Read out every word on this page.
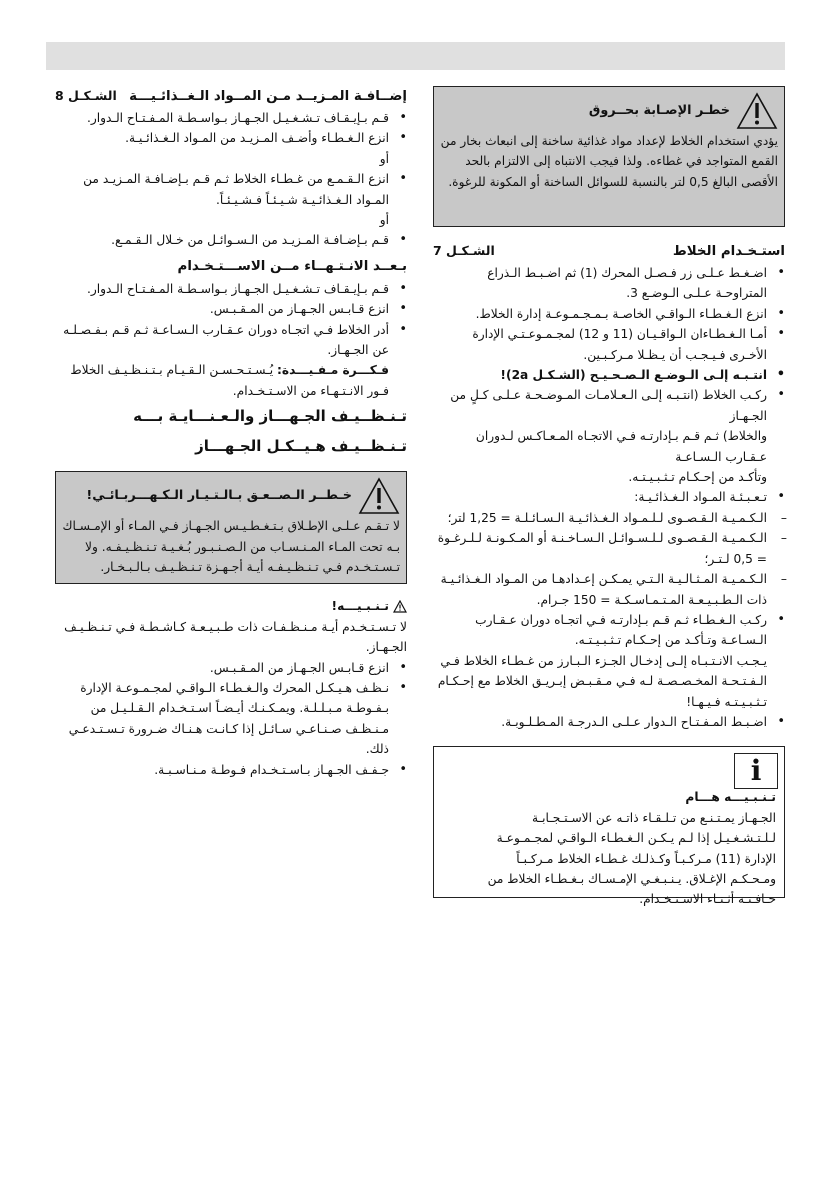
خطـر الإصـابة بحــروق
يؤدي استخدام الخلاط لإعداد مواد غذائية ساخنة إلى انبعاث بخار من القمع المتواجد في غطاءه. ولذا فيجب الانتباه إلى الالتزام بالحد الأقصى البالغ 0,5 لتر بالنسبة للسوائل الساخنة أو المكونة للرغوة.
استـخـدام الخلاط
الشـكـل 7
• اضـغـط عـلـى زر فـصـل المحرك (1) ثم اضـبـط الـذراع المتراوحـة عـلـى الـوضـع 3.
• انزع الـغـطـاء الـواقـي الخاصـة بـمـجـمـوعـة إدارة الخلاط.
• أمـا الـغـطـاءان الـواقـيـان (11 و 12) لمجـمـوعـتـي الإدارة الأخـرى فـيـجـب أن يـظـلا مـركـبـين.
• انتـبـه إلـى الـوضـع الـصـحـيـح (الشـكـل 2a)!
• ركـب الخلاط (انتـبـه إلـى الـعـلامـات المـوضـحـة عـلـى كـلٍ من الجـهـاز
والخلاط) ثـم قـم بـإدارتـه فـي الاتجـاه المـعـاكـس لـدوران عـقـارب الـسـاعـة
وتأكـد من إحـكـام تـثـبـيـتـه.
• تـعـبـئـة المـواد الـغـذائـيـة:
– الـكـمـيـة الـقـصـوى لـلـمـواد الـغـذائـيـة الـسـائـلـة = 1,25 لتر؛
– الـكـمـيـة الـقـصـوى لـلـسـوائـل الـسـاخـنـة أو المـكـونـة لـلـرغـوة = 0,5 لـتـر؛
– الـكـمـيـة المـثـالـيـة الـتـي يمـكـن إعـدادهـا من المـواد الـغـذائـيـة ذات الـطـبـيـعـة المـتـمـاسـكـة = 150 جـرام.
• ركـب الـغـطـاء ثـم قـم بـإدارتـه فـي اتجـاه دوران عـقـارب الـسـاعـة وتـأكـد من إحـكـام تـثـبـيـتـه.
يـجـب الانـتـبـاه إلـى إدخـال الجـزء الـبـارز من غـطـاء الخلاط فـي الـفـتـحـة المخـصـصـة لـه فـي مـقـبـض إبـريـق الخلاط مع إحـكـام تـثـبـيـتـه فـيـهـا!
• اضـبـط المـفـتـاح الـدوار عـلـى الـدرجـة المـطـلـوبـة.
i
تـنـبـيـــه هـــام
الجـهـاز يمـتـنـع من تـلـقـاء ذاتـه عن الاسـتـجـابـة لـلـتـشـغـيـل إذا لـم يـكـن الـغـطـاء الـواقـي لمجـمـوعـة الإدارة (11) مـركـبـاً وكـذلـك غـطـاء الخلاط مـركـبـاً ومـحـكـم الإغـلاق. يـنـبـغـي الإمـسـاك بـغـطـاء الخلاط من حـافـتـه أثـنـاء الاسـتـخـدام.
إضــافـة المـزيــد مـن المــواد الـغــذائـيـــة
الشـكـل 8
• قـم بـإيـقـاف تـشـغـيـل الجـهـاز بـواسـطـة المـفـتـاح الـدوار.
• انزع الـغـطـاء وأضـف المـزيـد من المـواد الـغـذائـيـة.
أو
• انزع الـقـمـع من غـطـاء الخلاط ثـم قـم بـإضـافـة المـزيـد من المـواد الـغـذائـيـة شـيـئـاً فـشـيـئـاً.
أو
• قـم بـإضـافـة المـزيـد من الـسـوائـل من خـلال الـقـمـع.
بـعــد الانـتـهــاء مــن الاســـتـخـدام
• قـم بـإيـقـاف تـشـغـيـل الجـهـاز بـواسـطـة المـفـتـاح الـدوار.
• انزع قـابـس الجـهـاز من المـقـبـس.
• أدر الخلاط فـي اتجـاه دوران عـقـارب الـسـاعـة ثـم قـم بـفـصـلـه عن الجـهـاز.
فـكـــرة مـفـيـــدة: يُـسـتـحـسـن الـقـيـام بـتـنـظـيـف الخلاط فـور الانـتـهـاء من الاسـتـخـدام.
تـنـظــيـف الجـهـــاز والـعـنـــايـة بـــه
تـنـظــيـف هـيــكـل الجـهـــاز
خـطــر الـصــعـق بـالـتـيـار الـكـهـــربـائـي!
لا تـقـم عـلـى الإطـلاق بـتـغـطـيـس الجـهـاز فـي المـاء أو الإمـسـاك بـه تحت المـاء المـنـسـاب من الـصـنـبـور بُـغـيـة تـنـظـيـفـه. ولا تـسـتـخـدم فـي تـنـظـيـفـه أيـة أجـهـزة تـنـظـيـف بـالـبـخـار.
تـنـبـيـــه!
لا تـسـتـخـدم أيـة مـنـظـفـات ذات طـبـيـعـة كـاشـطـة فـي تـنـظـيـف الجـهـاز.
• انزع قـابـس الجـهـاز من المـقـبـس.
• نـظـف هـيـكـل المحرك والـغـطـاء الـواقـي لمجـمـوعـة الإدارة بـفـوطـة مـبـلـلـة. ويمـكـنـك أيـضـاً اسـتـخـدام الـقـلـيـل من مـنـظـف صـنـاعـي سـائـل إذا كـانـت هـنـاك ضـرورة تـسـتـدعـي ذلك.
• جـفـف الجـهـاز بـاسـتـخـدام فـوطـة مـنـاسـبـة.
